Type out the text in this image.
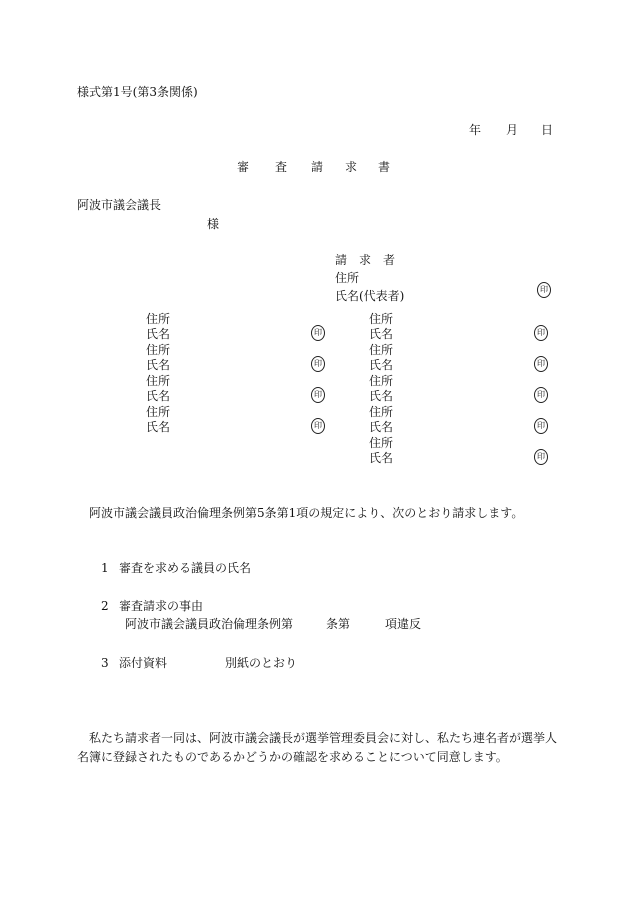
様式第1号(第3条関係)
年 月 日
審 査 請 求 書
阿波市議会議長
様
請　求　者
住所
氏名(代表者)	印
住所
氏名	印
住所
氏名	印
住所
氏名	印
住所
氏名	印
住所
氏名	印
住所
氏名	印
住所
氏名	印
住所
氏名	印
住所
氏名	印
阿波市議会議員政治倫理条例第5条第1項の規定により、次のとおり請求します。
1 審査を求める議員の氏名
2 審査請求の事由
阿波市議会議員政治倫理条例第	条第	項違反
3 添付資料	別紙のとおり
私たち請求者一同は、阿波市議会議長が選挙管理委員会に対し、私たち連名者が選挙人
名簿に登録されたものであるかどうかの確認を求めることについて同意します。
